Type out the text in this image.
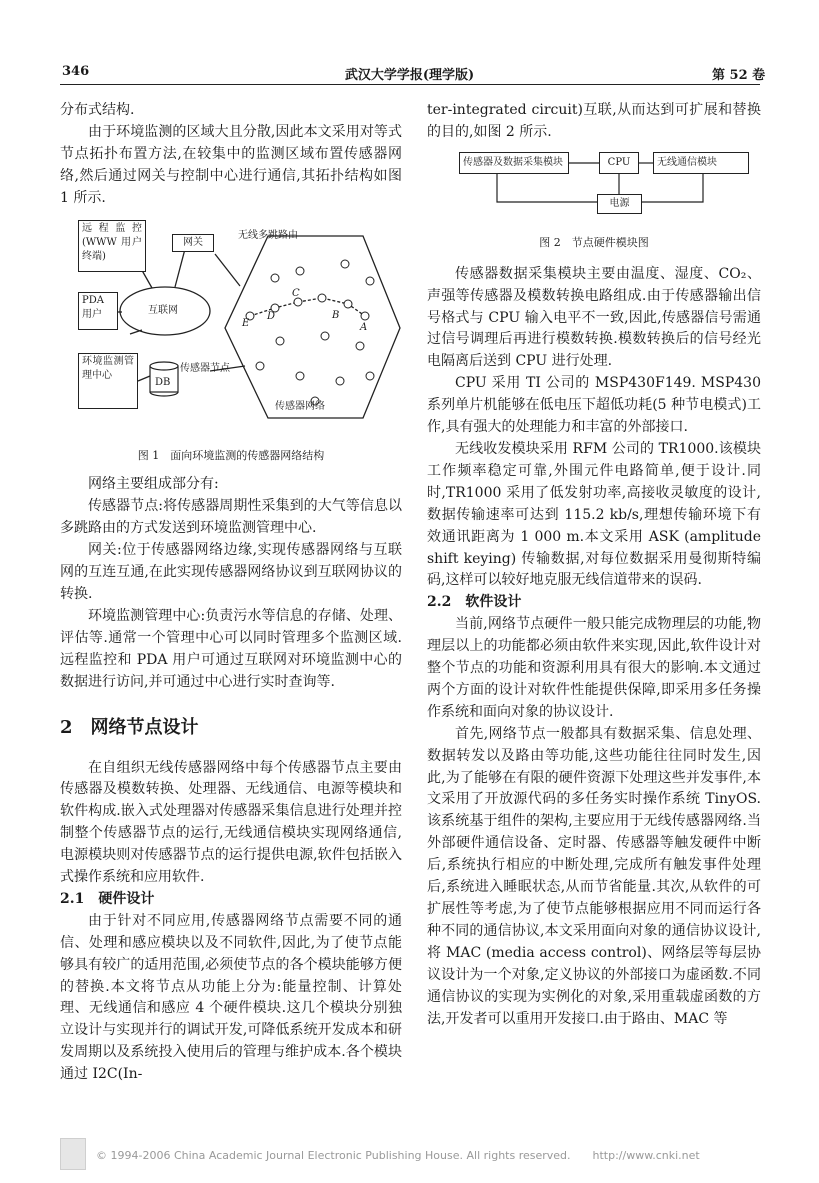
346	武汉大学学报(理学版)	第 52 卷

分布式结构.

由于环境监测的区域大且分散,因此本文采用对等式节点拓扑布置方法,在较集中的监测区域布置传感器网络,然后通过网关与控制中心进行通信,其拓扑结构如图 1 所示.

远程监控(WWW 用户终端)
网关
无线多跳路由
PDA 用户	互联网
环境监测管理中心
DB
传感器节点
传感器网络
E
D
C
B
A

图 1　面向环境监测的传感器网络结构

网络主要组成部分有:

传感器节点:将传感器周期性采集到的大气等信息以多跳路由的方式发送到环境监测管理中心.

网关:位于传感器网络边缘,实现传感器网络与互联网的互连互通,在此实现传感器网络协议到互联网协议的转换.

环境监测管理中心:负责污水等信息的存储、处理、评估等.通常一个管理中心可以同时管理多个监测区域.远程监控和 PDA 用户可通过互联网对环境监测中心的数据进行访问,并可通过中心进行实时查询等.

2　网络节点设计

在自组织无线传感器网络中每个传感器节点主要由传感器及模数转换、处理器、无线通信、电源等模块和软件构成.嵌入式处理器对传感器采集信息进行处理并控制整个传感器节点的运行,无线通信模块实现网络通信,电源模块则对传感器节点的运行提供电源,软件包括嵌入式操作系统和应用软件.

2.1　硬件设计

由于针对不同应用,传感器网络节点需要不同的通信、处理和感应模块以及不同软件,因此,为了使节点能够具有较广的适用范围,必须使节点的各个模块能够方便的替换.本文将节点从功能上分为:能量控制、计算处理、无线通信和感应 4 个硬件模块.这几个模块分别独立设计与实现并行的调试开发,可降低系统开发成本和研发周期以及系统投入使用后的管理与维护成本.各个模块通过 I2C(In-

ter-integrated circuit)互联,从而达到可扩展和替换的目的,如图 2 所示.

传感器及数据采集模块	CPU	无线通信模块
电源

图 2　节点硬件模块图

传感器数据采集模块主要由温度、湿度、CO₂、声强等传感器及模数转换电路组成.由于传感器输出信号格式与 CPU 输入电平不一致,因此,传感器信号需通过信号调理后再进行模数转换.模数转换后的信号经光电隔离后送到 CPU 进行处理.

CPU 采用 TI 公司的 MSP430F149. MSP430 系列单片机能够在低电压下超低功耗(5 种节电模式)工作,具有强大的处理能力和丰富的外部接口.

无线收发模块采用 RFM 公司的 TR1000.该模块工作频率稳定可靠,外围元件电路简单,便于设计.同时,TR1000 采用了低发射功率,高接收灵敏度的设计,数据传输速率可达到 115.2 kb/s,理想传输环境下有效通讯距离为 1 000 m.本文采用 ASK (amplitude shift keying) 传输数据,对每位数据采用曼彻斯特编码,这样可以较好地克服无线信道带来的误码.

2.2　软件设计

当前,网络节点硬件一般只能完成物理层的功能,物理层以上的功能都必须由软件来实现,因此,软件设计对整个节点的功能和资源利用具有很大的影响.本文通过两个方面的设计对软件性能提供保障,即采用多任务操作系统和面向对象的协议设计.

首先,网络节点一般都具有数据采集、信息处理、数据转发以及路由等功能,这些功能往往同时发生,因此,为了能够在有限的硬件资源下处理这些并发事件,本文采用了开放源代码的多任务实时操作系统 TinyOS.该系统基于组件的架构,主要应用于无线传感器网络.当外部硬件通信设备、定时器、传感器等触发硬件中断后,系统执行相应的中断处理,完成所有触发事件处理后,系统进入睡眠状态,从而节省能量.其次,从软件的可扩展性等考虑,为了使节点能够根据应用不同而运行各种不同的通信协议,本文采用面向对象的通信协议设计,将 MAC (media access control)、网络层等每层协议设计为一个对象,定义协议的外部接口为虚函数.不同通信协议的实现为实例化的对象,采用重载虚函数的方法,开发者可以重用开发接口.由于路由、MAC 等

© 1994-2006 China Academic Journal Electronic Publishing House. All rights reserved.　　http://www.cnki.net
